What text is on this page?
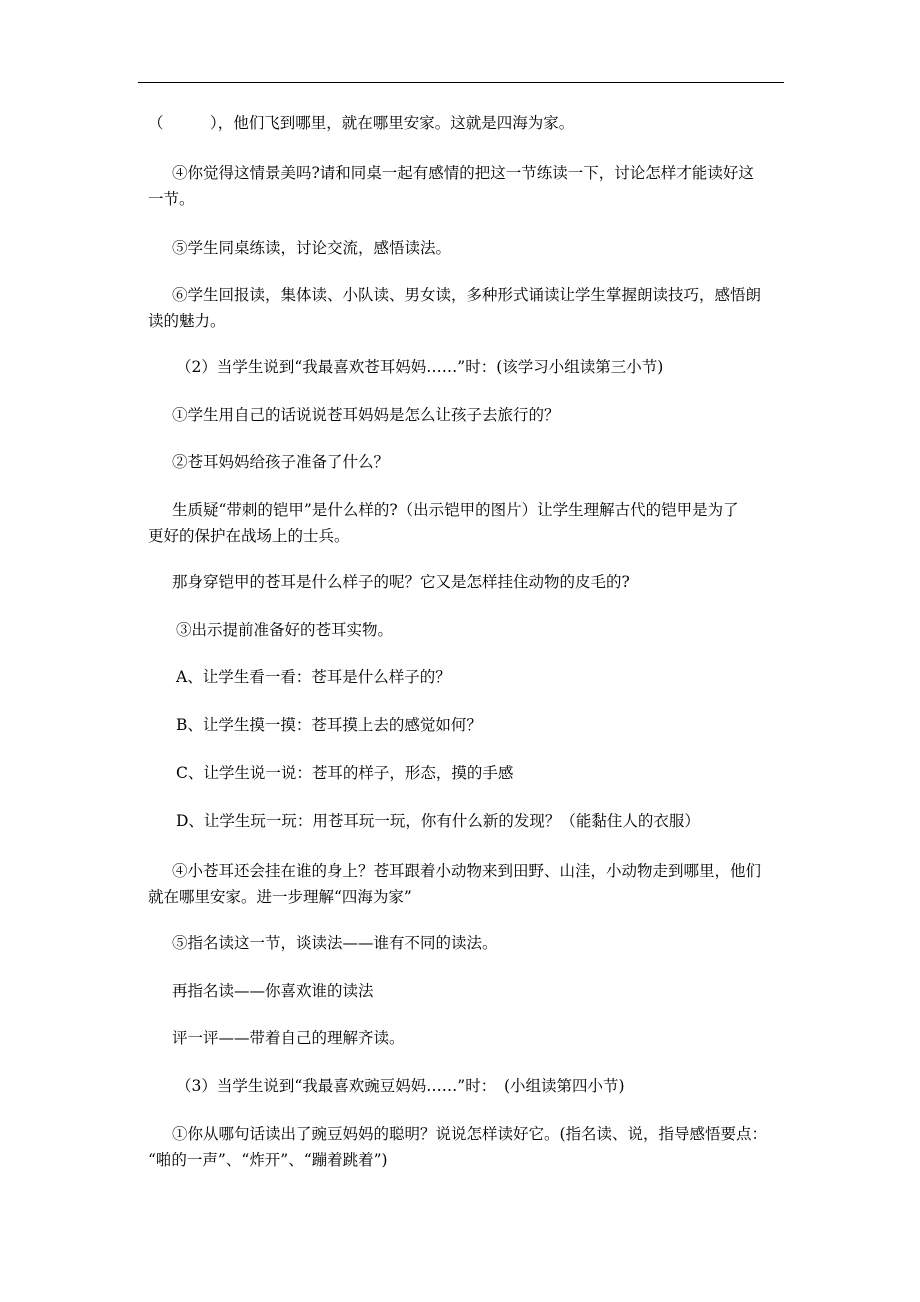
（　　　），他们飞到哪里，就在哪里安家。这就是四海为家。
④你觉得这情景美吗?请和同桌一起有感情的把这一节练读一下，讨论怎样才能读好这
一节。
⑤学生同桌练读，讨论交流，感悟读法。
⑥学生回报读，集体读、小队读、男女读，多种形式诵读让学生掌握朗读技巧，感悟朗
读的魅力。
（2）当学生说到“我最喜欢苍耳妈妈……”时：(该学习小组读第三小节)
①学生用自己的话说说苍耳妈妈是怎么让孩子去旅行的？
②苍耳妈妈给孩子准备了什么？
生质疑“带刺的铠甲”是什么样的?（出示铠甲的图片）让学生理解古代的铠甲是为了
更好的保护在战场上的士兵。
那身穿铠甲的苍耳是什么样子的呢？它又是怎样挂住动物的皮毛的?
③出示提前准备好的苍耳实物。
A、让学生看一看：苍耳是什么样子的？
B、让学生摸一摸：苍耳摸上去的感觉如何？
C、让学生说一说：苍耳的样子，形态，摸的手感
D、让学生玩一玩：用苍耳玩一玩，你有什么新的发现？（能黏住人的衣服）
④小苍耳还会挂在谁的身上？苍耳跟着小动物来到田野、山洼，小动物走到哪里，他们
就在哪里安家。进一步理解“四海为家”
⑤指名读这一节，谈读法——谁有不同的读法。
再指名读——你喜欢谁的读法
评一评——带着自己的理解齐读。
（3）当学生说到“我最喜欢豌豆妈妈……”时：　(小组读第四小节)
①你从哪句话读出了豌豆妈妈的聪明？说说怎样读好它。(指名读、说，指导感悟要点：
“啪的一声”、“炸开”、“蹦着跳着”)
